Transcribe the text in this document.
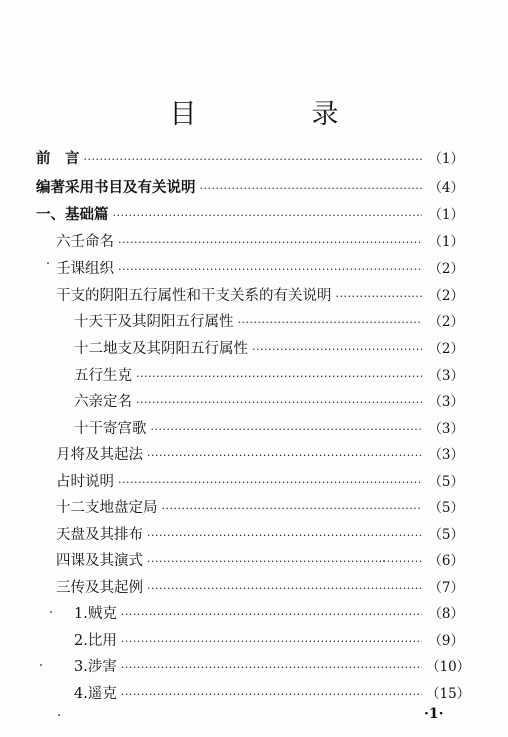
目　录
前　言 ·····	（1）
编著采用书目及有关说明 ·····	（4）
一、基础篇 ·····	（1）
六壬命名 ·····	（1）
壬课组织 ·····	（2）
干支的阴阳五行属性和干支关系的有关说明 ·····	（2）
十天干及其阴阳五行属性 ·····	（2）
十二地支及其阴阳五行属性 ·····	（2）
五行生克 ·····	（3）
六亲定名 ·····	（3）
十干寄宫歌 ·····	（3）
月将及其起法 ·····	（3）
占时说明 ·····	（5）
十二支地盘定局 ·····	（5）
天盘及其排布 ·····	（5）
四课及其演式 ·····	（6）
三传及其起例 ·····	（7）
1.贼克 ·····	（8）
2.比用 ·····	（9）
3.涉害 ·····	（10）
4.遥克 ·····	（15）
·1·
